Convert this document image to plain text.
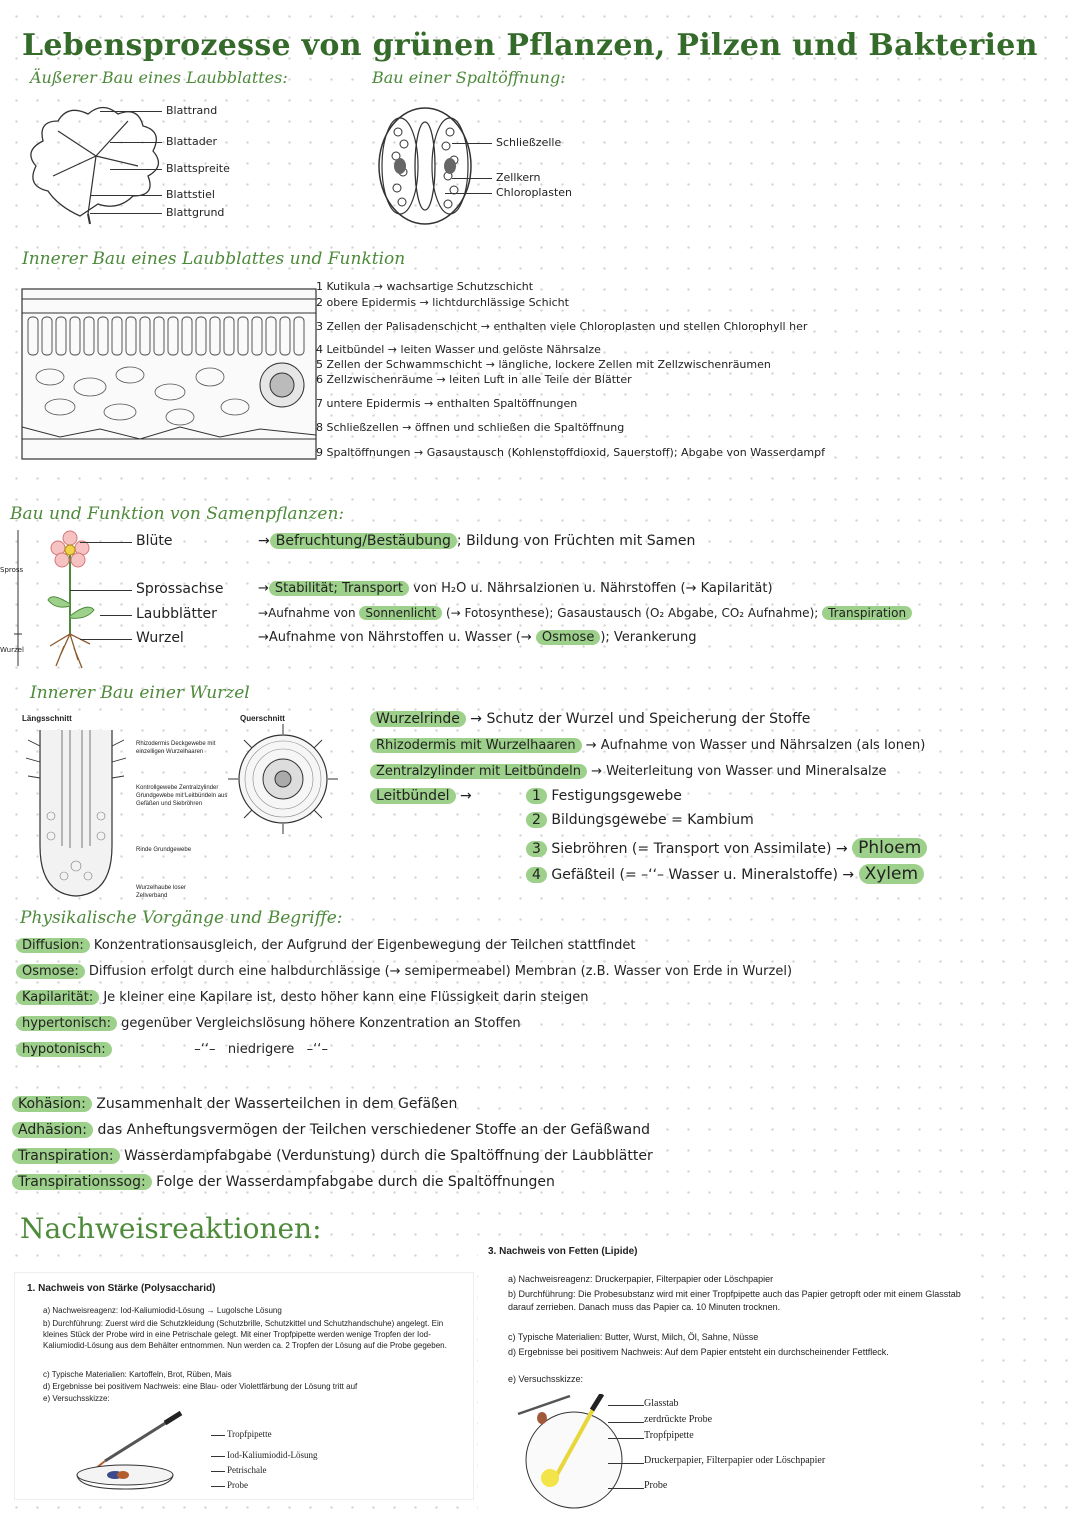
Lebensprozesse von grünen Pflanzen, Pilzen und Bakterien
Äußerer Bau eines Laubblattes:
Blattrand
Blattader
Blattspreite
Blattstiel
Blattgrund
Bau einer Spaltöffnung:
Schließzelle
Zellkern
Chloroplasten
Innerer Bau eines Laubblattes und Funktion
1 Kutikula → wachsartige Schutzschicht
2 obere Epidermis → lichtdurchlässige Schicht
3 Zellen der Palisadenschicht → enthalten viele Chloroplasten und stellen Chlorophyll her
4 Leitbündel → leiten Wasser und gelöste Nährsalze
5 Zellen der Schwammschicht → längliche, lockere Zellen mit Zellzwischenräumen
6 Zellzwischenräume → leiten Luft in alle Teile der Blätter
7 untere Epidermis → enthalten Spaltöffnungen
8 Schließzellen → öffnen und schließen die Spaltöffnung
9 Spaltöffnungen → Gasaustausch (Kohlenstoffdioxid, Sauerstoff); Abgabe von Wasserdampf
Bau und Funktion von Samenpflanzen:
Spross
Wurzel
Blüte	→ Befruchtung/Bestäubung ; Bildung von Früchten mit Samen
Sprossachse	→ Stabilität; Transport von H₂O u. Nährsalzionen u. Nährstoffen (→ Kapilarität)
Laubblätter	→Aufnahme von Sonnenlicht (→ Fotosynthese); Gasaustausch (O₂ Abgabe, CO₂ Aufnahme); Transpiration
Wurzel	→Aufnahme von Nährstoffen u. Wasser (→ Osmose ); Verankerung
Innerer Bau einer Wurzel
Längsschnitt	Querschnitt
Rhizodermis Deckgewebe mit einzelligen Wurzelhaaren
Kontrollgewebe Zentralzylinder Grundgewebe mit Leitbündeln aus Gefäßen und Siebröhren
Rinde Grundgewebe
Wurzelhaube loser Zellverband
Wurzelrinde → Schutz der Wurzel und Speicherung der Stoffe
Rhizodermis mit Wurzelhaaren → Aufnahme von Wasser und Nährsalzen (als Ionen)
Zentralzylinder mit Leitbündeln → Weiterleitung von Wasser und Mineralsalze
Leitbündel →	1 Festigungsgewebe
2 Bildungsgewebe = Kambium
3 Siebröhren (= Transport von Assimilate) → Phloem
4 Gefäßteil (= –‘‘– Wasser u. Mineralstoffe) → Xylem
Physikalische Vorgänge und Begriffe:
Diffusion: Konzentrationsausgleich, der Aufgrund der Eigenbewegung der Teilchen stattfindet
Osmose: Diffusion erfolgt durch eine halbdurchlässige (→ semipermeabel) Membran (z.B. Wasser von Erde in Wurzel)
Kapilarität: Je kleiner eine Kapilare ist, desto höher kann eine Flüssigkeit darin steigen
hypertonisch: gegenüber Vergleichslösung höhere Konzentration an Stoffen
hypotonisch:	–‘‘–   niedrigere   –‘‘–
Kohäsion: Zusammenhalt der Wasserteilchen in dem Gefäßen
Adhäsion: das Anheftungsvermögen der Teilchen verschiedener Stoffe an der Gefäßwand
Transpiration: Wasserdampfabgabe (Verdunstung) durch die Spaltöffnung der Laubblätter
Transpirationssog: Folge der Wasserdampfabgabe durch die Spaltöffnungen
Nachweisreaktionen:
1. Nachweis von Stärke (Polysaccharid)
a) Nachweisreagenz: Iod-Kaliumiodid-Lösung → Lugolsche Lösung
b) Durchführung: Zuerst wird die Schutzkleidung (Schutzbrille, Schutzkittel und Schutzhandschuhe) angelegt. Ein kleines Stück der Probe wird in eine Petrischale gelegt. Mit einer Tropfpipette werden wenige Tropfen der Iod-Kaliumiodid-Lösung aus dem Behälter entnommen. Nun werden ca. 2 Tropfen der Lösung auf die Probe gegeben.
c) Typische Materialien: Kartoffeln, Brot, Rüben, Mais
d) Ergebnisse bei positivem Nachweis: eine Blau- oder Violettfärbung der Lösung tritt auf
e) Versuchsskizze:
Tropfpipette
Iod-Kaliumiodid-Lösung
Petrischale
Probe
3. Nachweis von Fetten (Lipide)
a) Nachweisreagenz: Druckerpapier, Filterpapier oder Löschpapier
b) Durchführung: Die Probesubstanz wird mit einer Tropfpipette auch das Papier getropft oder mit einem Glasstab darauf zerrieben. Danach muss das Papier ca. 10 Minuten trocknen.
c) Typische Materialien: Butter, Wurst, Milch, Öl, Sahne, Nüsse
d) Ergebnisse bei positivem Nachweis: Auf dem Papier entsteht ein durchscheinender Fettfleck.
e) Versuchsskizze:
Glasstab
zerdrückte Probe
Tropfpipette
Druckerpapier, Filterpapier oder Löschpapier
Probe
